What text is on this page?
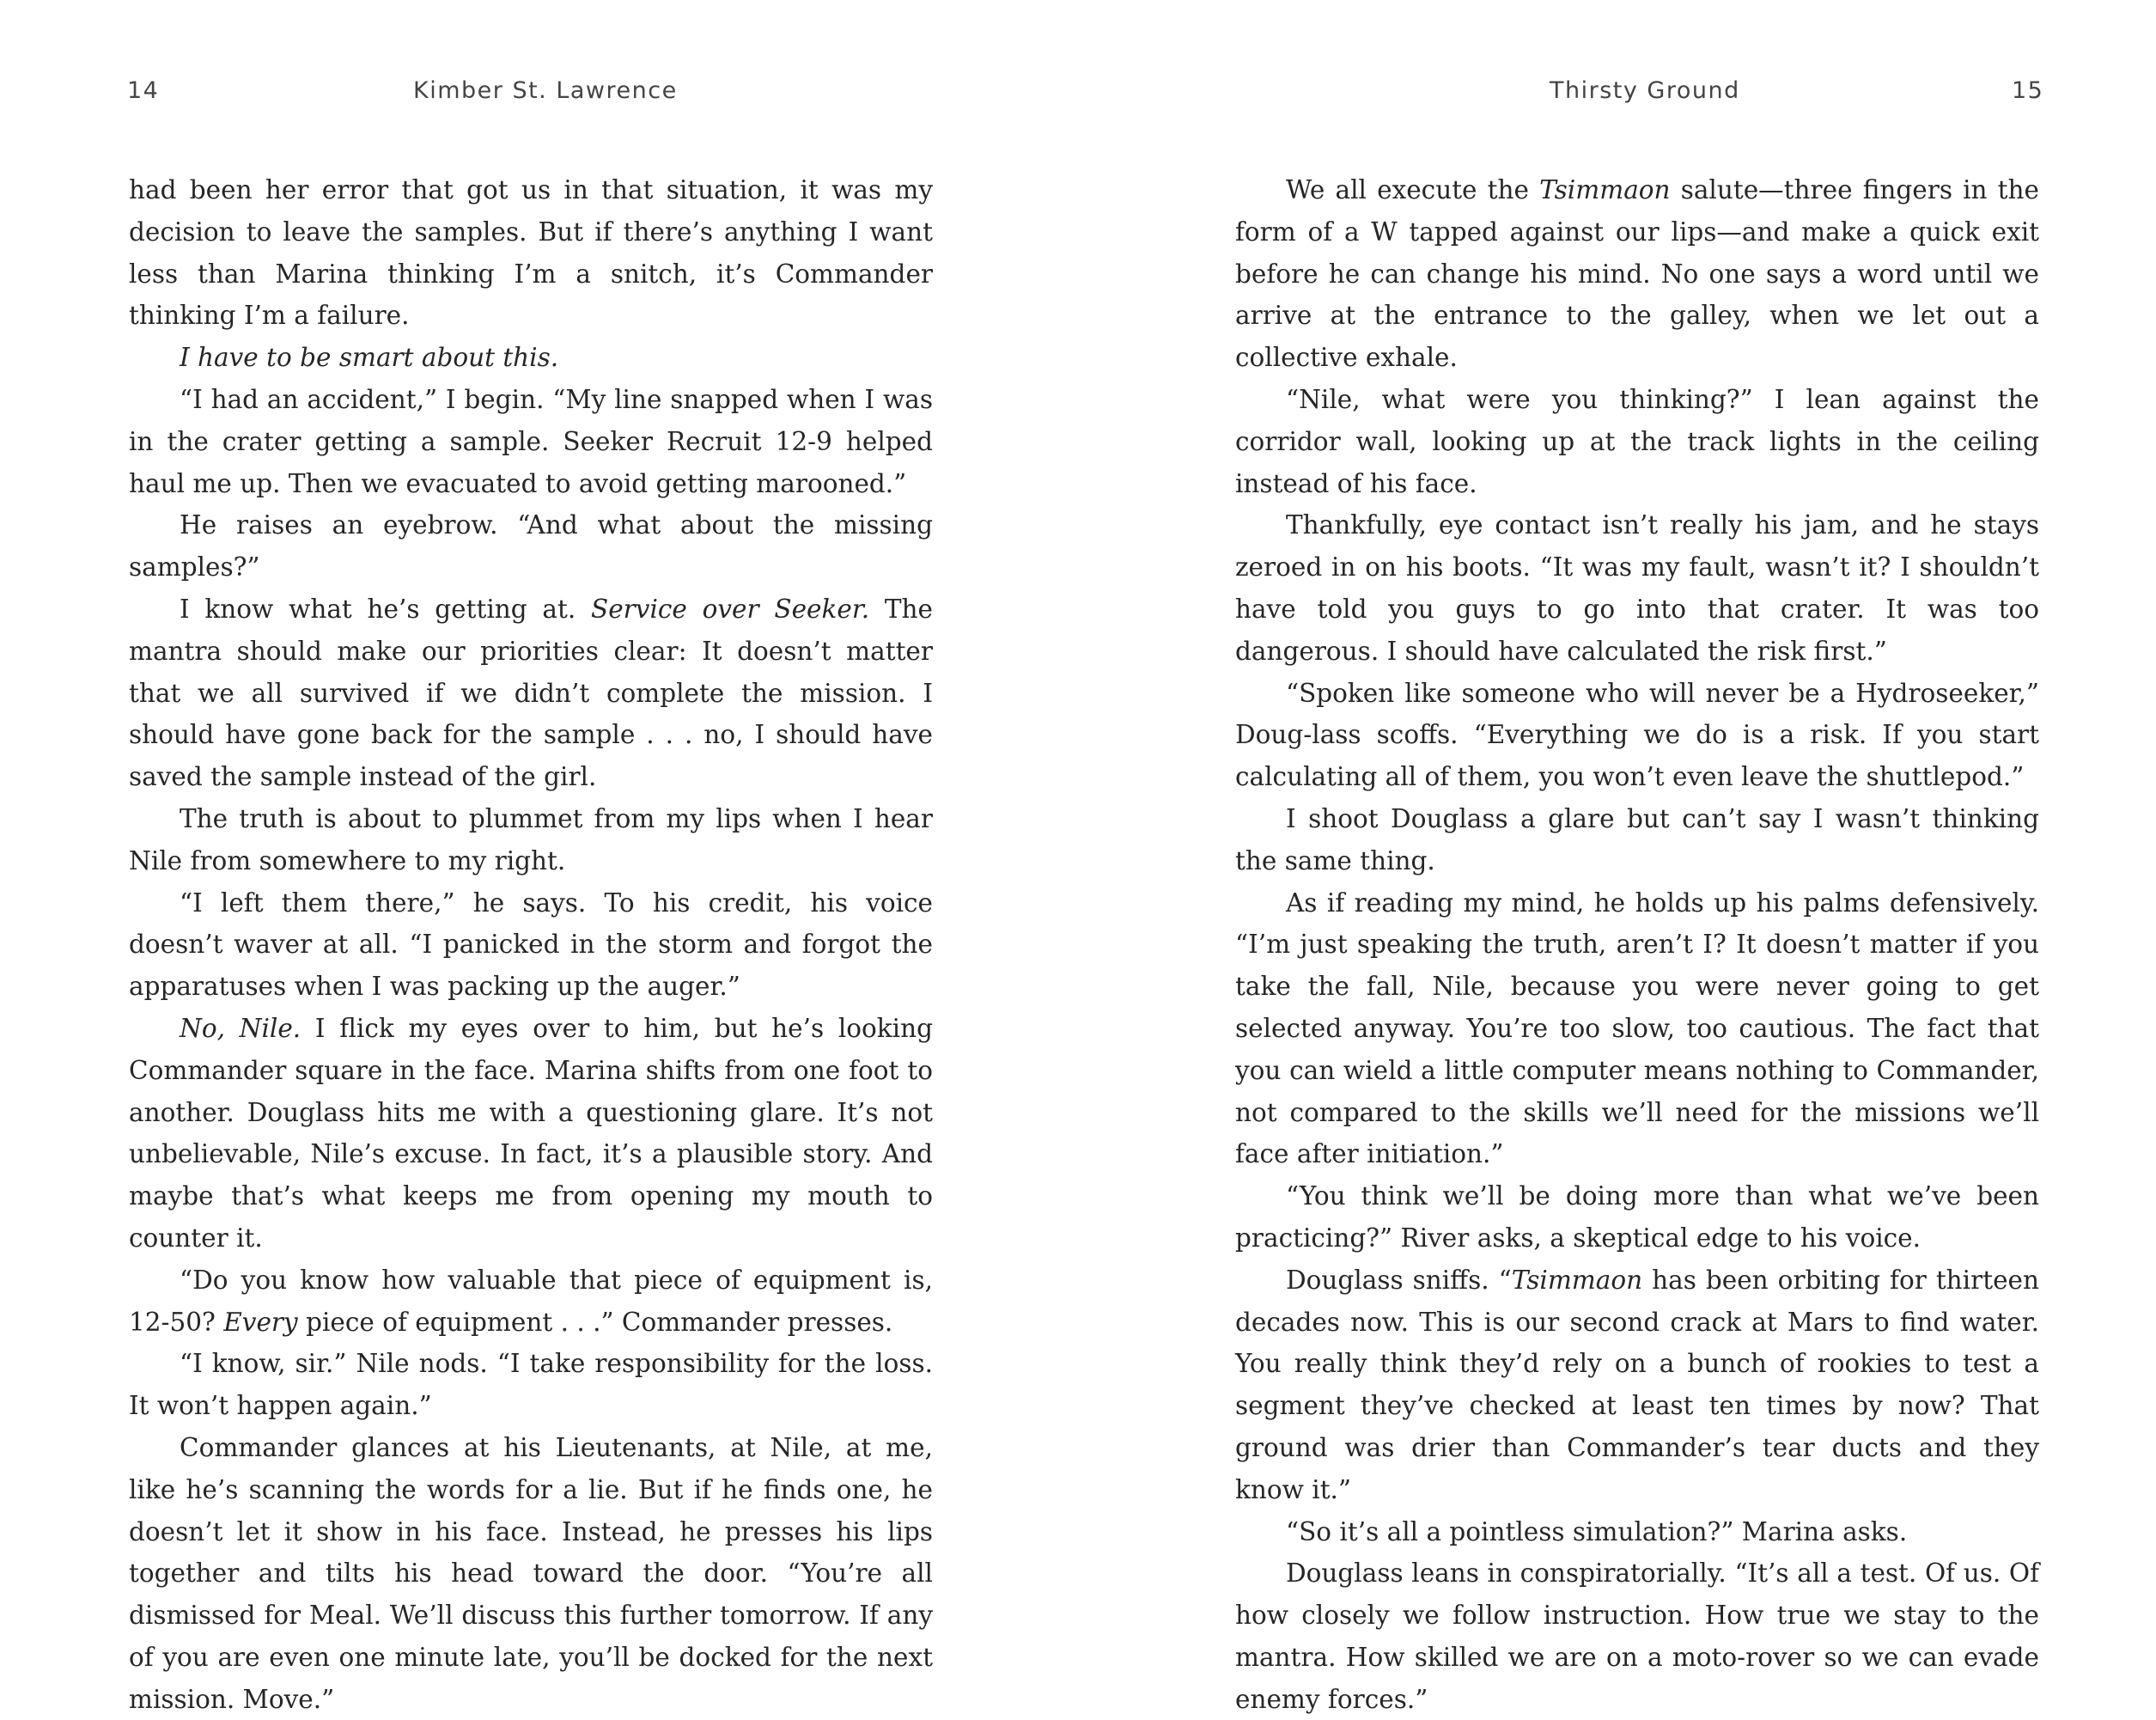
14	Kimber St. Lawrence

had been her error that got us in that situation, it was my decision to leave the samples. But if there’s anything I want less than Marina thinking I’m a snitch, it’s Commander thinking I’m a failure.

I have to be smart about this.

“I had an accident,” I begin. “My line snapped when I was in the crater getting a sample. Seeker Recruit 12-9 helped haul me up. Then we evacuated to avoid getting marooned.”

He raises an eyebrow. “And what about the missing samples?”

I know what he’s getting at. Service over Seeker. The mantra should make our priorities clear: It doesn’t matter that we all survived if we didn’t complete the mission. I should have gone back for the sample . . . no, I should have saved the sample instead of the girl.

The truth is about to plummet from my lips when I hear Nile from somewhere to my right.

“I left them there,” he says. To his credit, his voice doesn’t waver at all. “I panicked in the storm and forgot the apparatuses when I was packing up the auger.”

No, Nile. I flick my eyes over to him, but he’s looking Commander square in the face. Marina shifts from one foot to another. Douglass hits me with a questioning glare. It’s not unbelievable, Nile’s excuse. In fact, it’s a plausible story. And maybe that’s what keeps me from opening my mouth to counter it.

“Do you know how valuable that piece of equipment is, 12-50? Every piece of equipment . . .” Commander presses.

“I know, sir.” Nile nods. “I take responsibility for the loss. It won’t happen again.”

Commander glances at his Lieutenants, at Nile, at me, like he’s scanning the words for a lie. But if he finds one, he doesn’t let it show in his face. Instead, he presses his lips together and tilts his head toward the door. “You’re all dismissed for Meal. We’ll discuss this further tomorrow. If any of you are even one minute late, you’ll be docked for the next mission. Move.”

Thirsty Ground	15

We all execute the Tsimmaon salute—three fingers in the form of a W tapped against our lips—and make a quick exit before he can change his mind. No one says a word until we arrive at the entrance to the galley, when we let out a collective exhale.

“Nile, what were you thinking?” I lean against the corridor wall, looking up at the track lights in the ceiling instead of his face.

Thankfully, eye contact isn’t really his jam, and he stays zeroed in on his boots. “It was my fault, wasn’t it? I shouldn’t have told you guys to go into that crater. It was too dangerous. I should have calculated the risk first.”

“Spoken like someone who will never be a Hydroseeker,” Doug-lass scoffs. “Everything we do is a risk. If you start calculating all of them, you won’t even leave the shuttlepod.”

I shoot Douglass a glare but can’t say I wasn’t thinking the same thing.

As if reading my mind, he holds up his palms defensively. “I’m just speaking the truth, aren’t I? It doesn’t matter if you take the fall, Nile, because you were never going to get selected anyway. You’re too slow, too cautious. The fact that you can wield a little computer means nothing to Commander, not compared to the skills we’ll need for the missions we’ll face after initiation.”

“You think we’ll be doing more than what we’ve been practicing?” River asks, a skeptical edge to his voice.

Douglass sniffs. “Tsimmaon has been orbiting for thirteen decades now. This is our second crack at Mars to find water. You really think they’d rely on a bunch of rookies to test a segment they’ve checked at least ten times by now? That ground was drier than Commander’s tear ducts and they know it.”

“So it’s all a pointless simulation?” Marina asks.

Douglass leans in conspiratorially. “It’s all a test. Of us. Of how closely we follow instruction. How true we stay to the mantra. How skilled we are on a moto-rover so we can evade enemy forces.”
